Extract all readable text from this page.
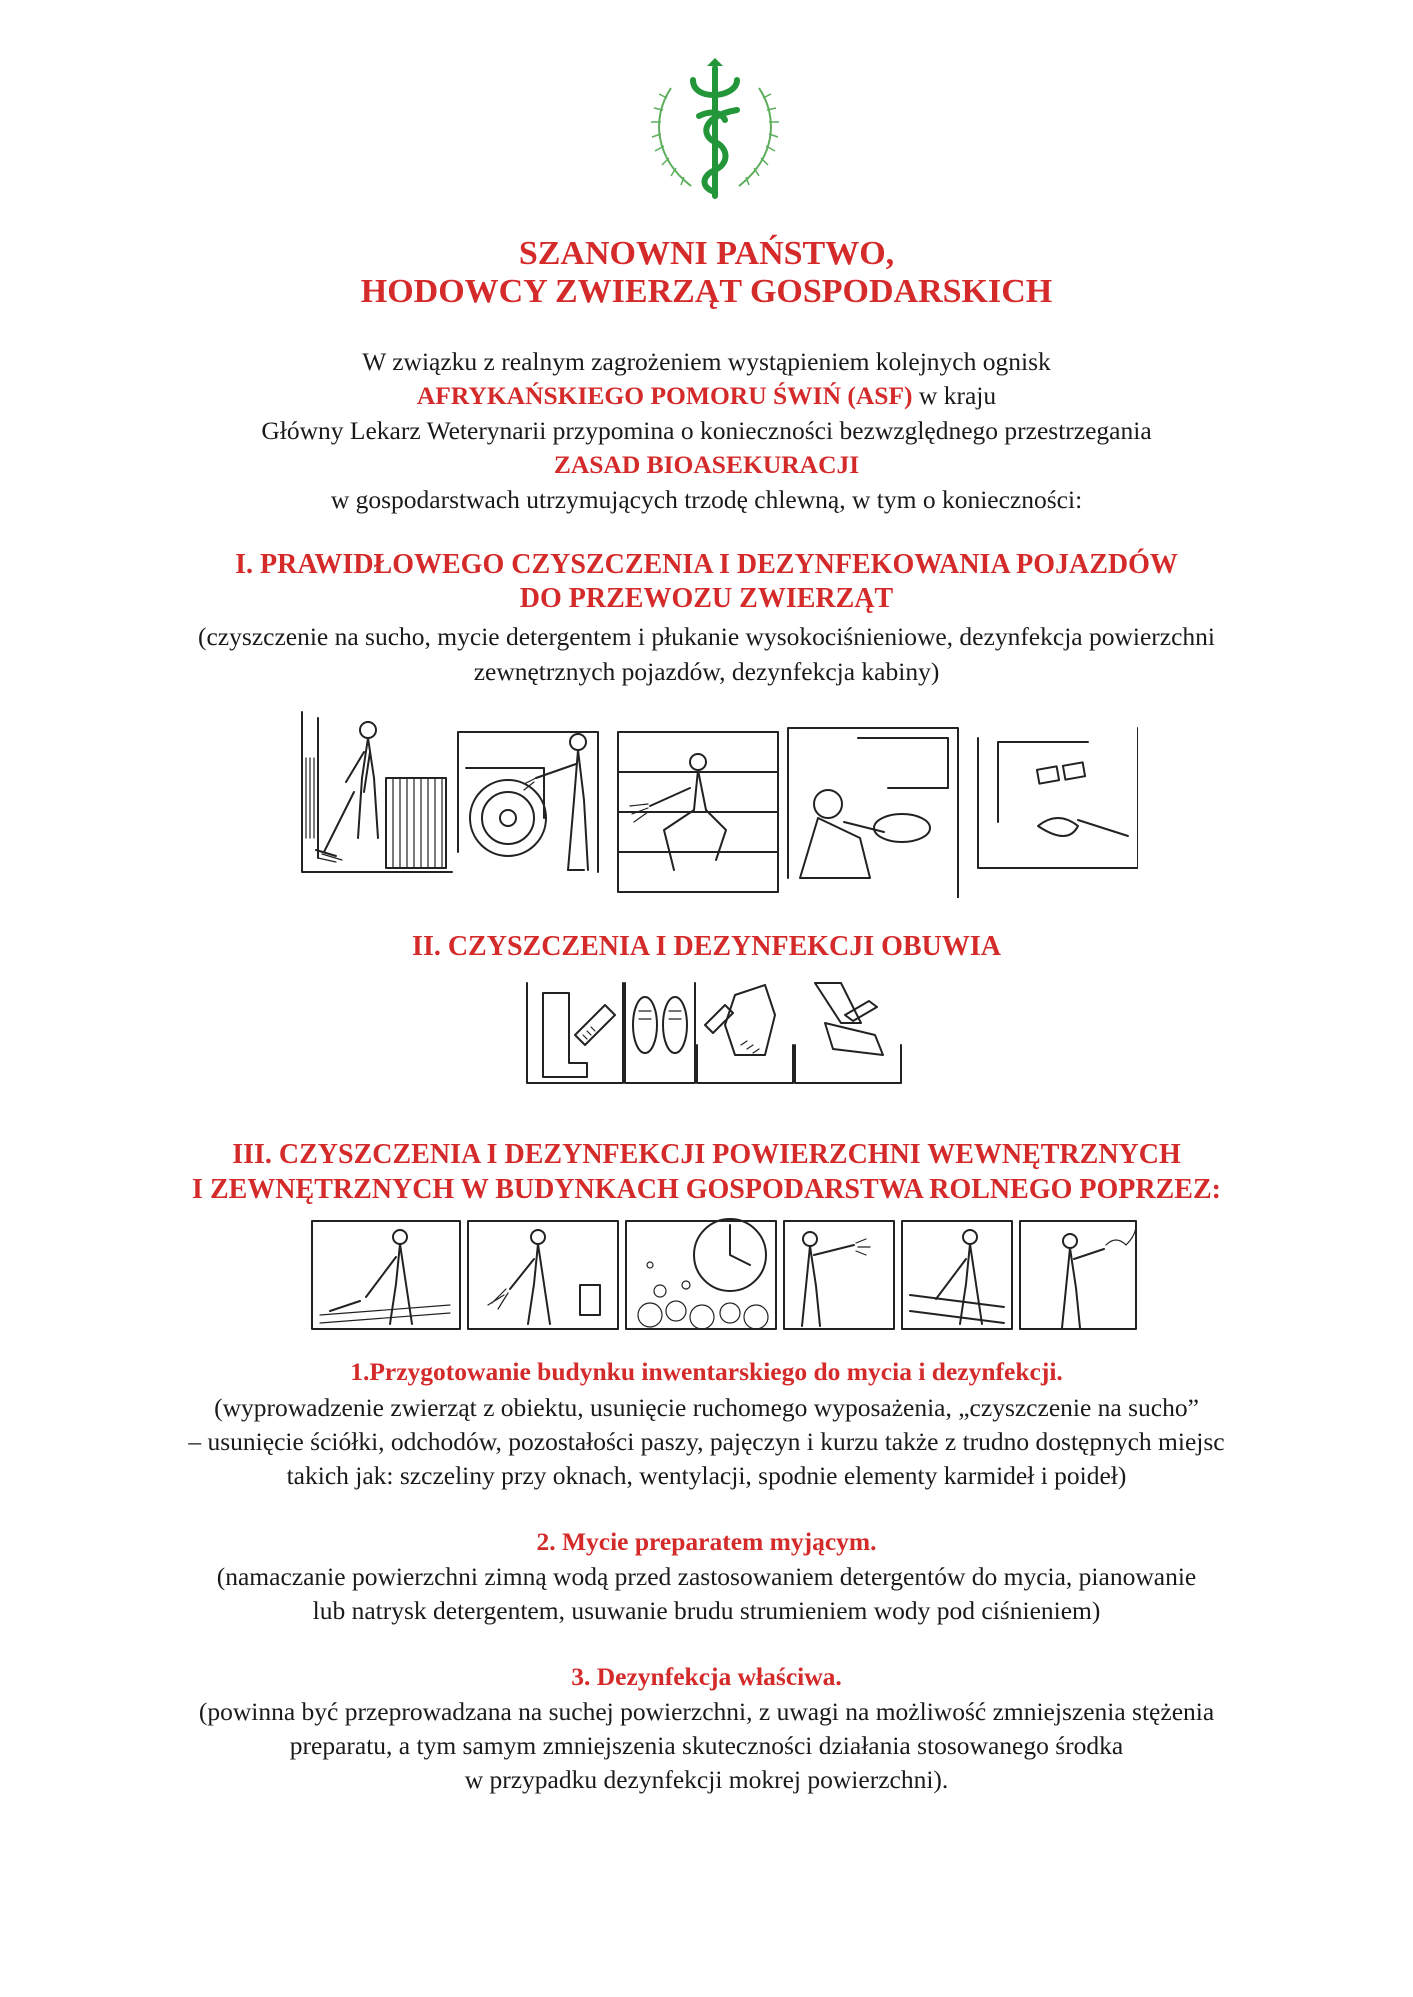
SZANOWNI PAŃSTWO,
HODOWCY ZWIERZĄT GOSPODARSKICH
W związku z realnym zagrożeniem wystąpieniem kolejnych ognisk
AFRYKAŃSKIEGO POMORU ŚWIŃ (ASF) w kraju
Główny Lekarz Weterynarii przypomina o konieczności bezwzględnego przestrzegania
ZASAD BIOASEKURACJI
w gospodarstwach utrzymujących trzodę chlewną, w tym o konieczności:
I. PRAWIDŁOWEGO CZYSZCZENIA I DEZYNFEKOWANIA POJAZDÓW
DO PRZEWOZU ZWIERZĄT
(czyszczenie na sucho, mycie detergentem i płukanie wysokociśnieniowe, dezynfekcja powierzchni
zewnętrznych pojazdów, dezynfekcja kabiny)
II. CZYSZCZENIA I DEZYNFEKCJI OBUWIA
III. CZYSZCZENIA I DEZYNFEKCJI POWIERZCHNI WEWNĘTRZNYCH
I ZEWNĘTRZNYCH W BUDYNKACH GOSPODARSTWA ROLNEGO POPRZEZ:
1.Przygotowanie budynku inwentarskiego do mycia i dezynfekcji.
(wyprowadzenie zwierząt z obiektu, usunięcie ruchomego wyposażenia, „czyszczenie na sucho”
– usunięcie ściółki, odchodów, pozostałości paszy, pajęczyn i kurzu także z trudno dostępnych miejsc
takich jak: szczeliny przy oknach, wentylacji, spodnie elementy karmideł i poideł)
2. Mycie preparatem myjącym.
(namaczanie powierzchni zimną wodą przed zastosowaniem detergentów do mycia, pianowanie
lub natrysk detergentem, usuwanie brudu strumieniem wody pod ciśnieniem)
3. Dezynfekcja właściwa.
(powinna być przeprowadzana na suchej powierzchni, z uwagi na możliwość zmniejszenia stężenia
preparatu, a tym samym zmniejszenia skuteczności działania stosowanego środka
w przypadku dezynfekcji mokrej powierzchni).
